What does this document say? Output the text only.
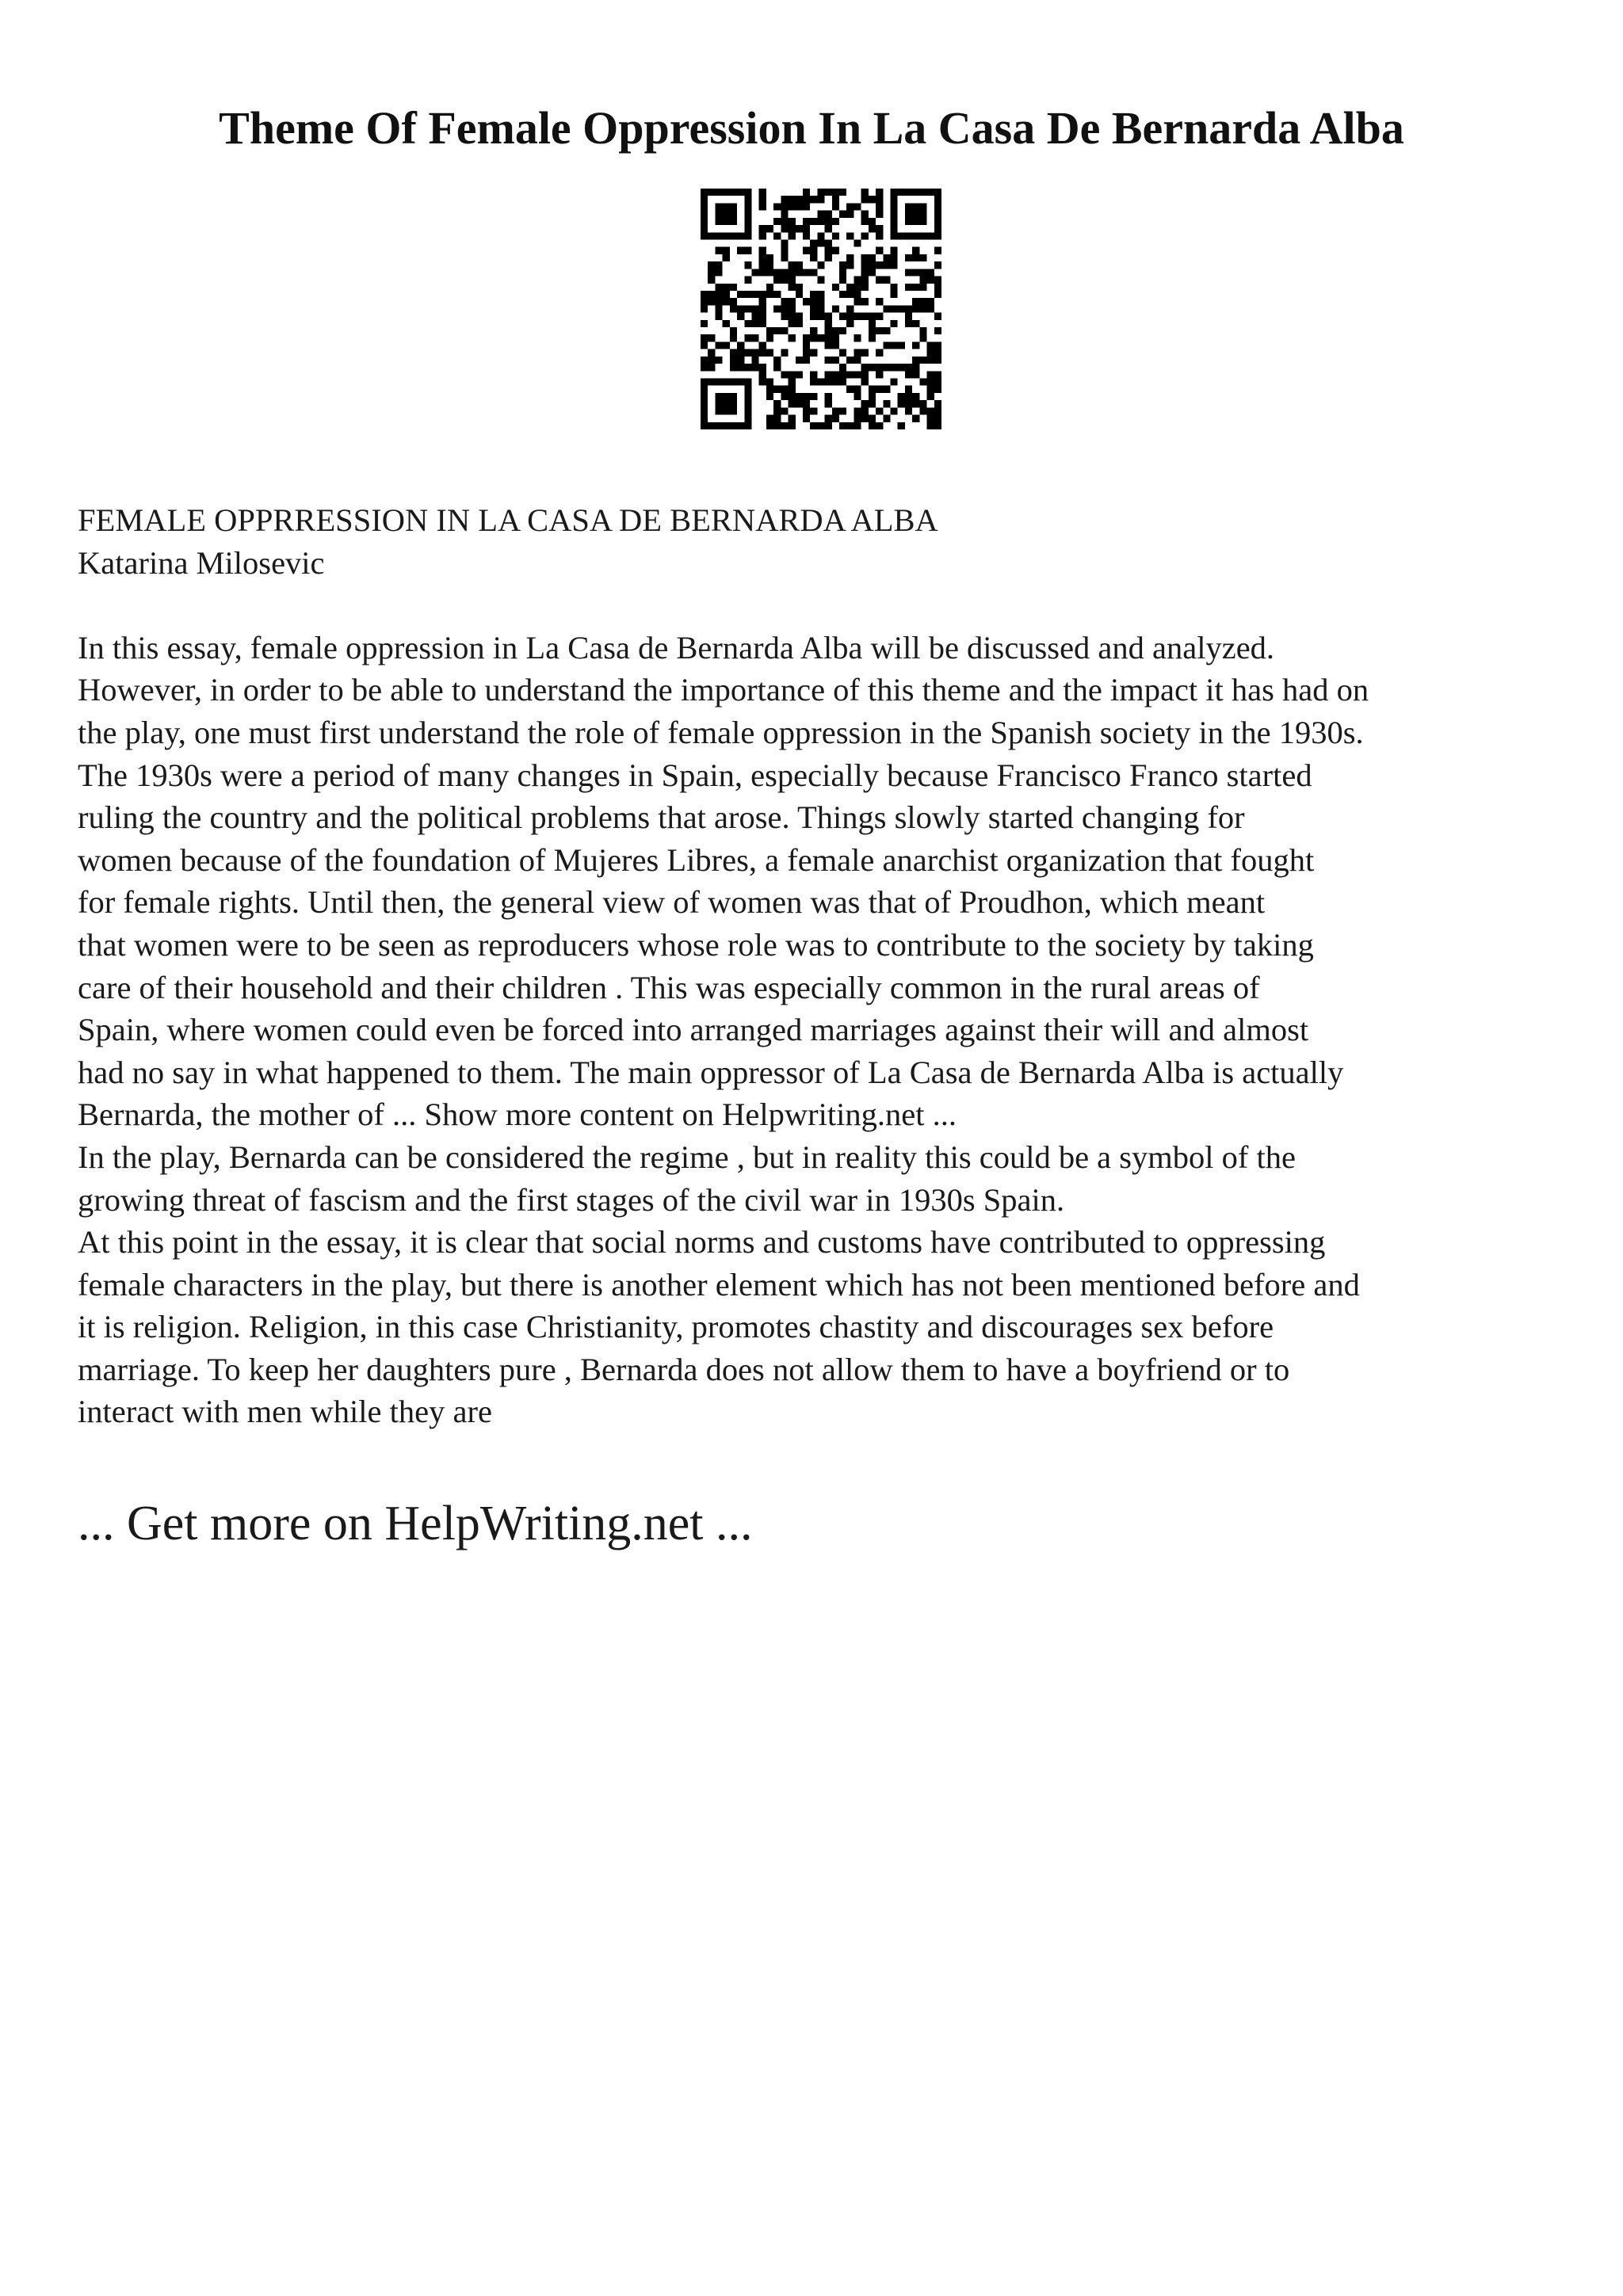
Theme Of Female Oppression In La Casa De Bernarda Alba
FEMALE OPPRRESSION IN LA CASA DE BERNARDA ALBA
Katarina Milosevic
In this essay, female oppression in La Casa de Bernarda Alba will be discussed and analyzed.
However, in order to be able to understand the importance of this theme and the impact it has had on
the play, one must first understand the role of female oppression in the Spanish society in the 1930s.
The 1930s were a period of many changes in Spain, especially because Francisco Franco started
ruling the country and the political problems that arose. Things slowly started changing for
women because of the foundation of Mujeres Libres, a female anarchist organization that fought
for female rights. Until then, the general view of women was that of Proudhon, which meant
that women were to be seen as reproducers whose role was to contribute to the society by taking
care of their household and their children . This was especially common in the rural areas of
Spain, where women could even be forced into arranged marriages against their will and almost
had no say in what happened to them. The main oppressor of La Casa de Bernarda Alba is actually
Bernarda, the mother of ... Show more content on Helpwriting.net ...
In the play, Bernarda can be considered the regime , but in reality this could be a symbol of the
growing threat of fascism and the first stages of the civil war in 1930s Spain.
At this point in the essay, it is clear that social norms and customs have contributed to oppressing
female characters in the play, but there is another element which has not been mentioned before and
it is religion. Religion, in this case Christianity, promotes chastity and discourages sex before
marriage. To keep her daughters pure , Bernarda does not allow them to have a boyfriend or to
interact with men while they are
... Get more on HelpWriting.net ...
